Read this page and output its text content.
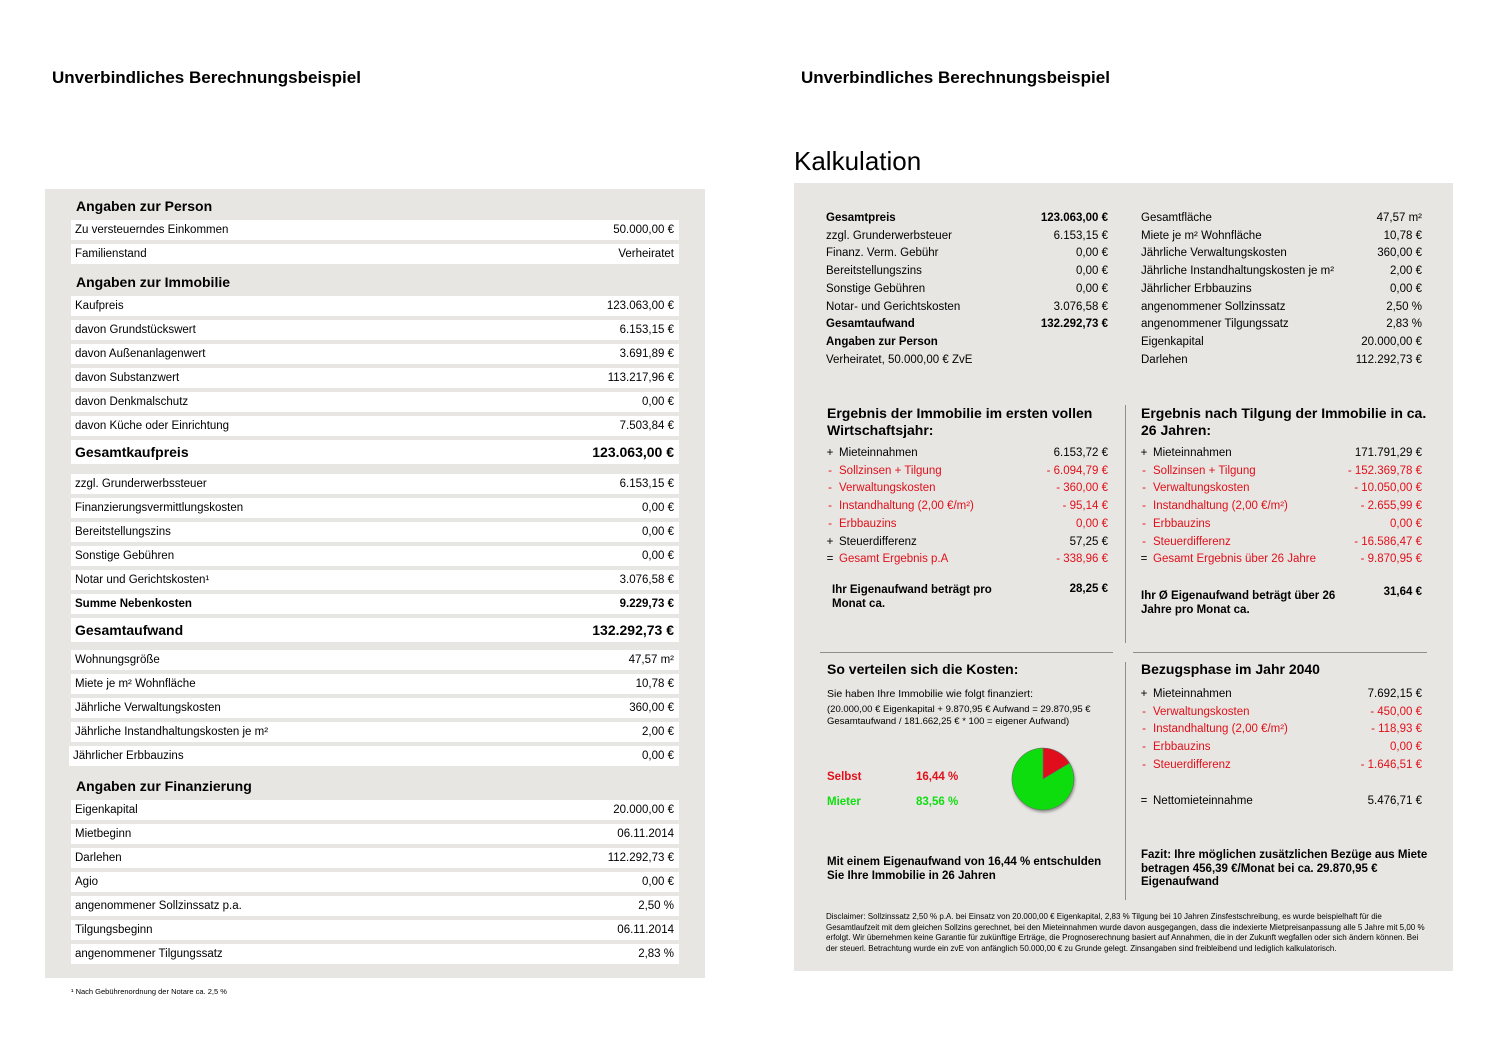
Unverbindliches Berechnungsbeispiel	Unverbindliches Berechnungsbeispiel
Angaben zur Person
Angaben zur Immobilie
Angaben zur Finanzierung
Zu versteuerndes Einkommen	50.000,00 €
Familienstand	Verheiratet
Kaufpreis	123.063,00 €
davon Grundstückswert	6.153,15 €
davon Außenanlagenwert	3.691,89 €
davon Substanzwert	113.217,96 €
davon Denkmalschutz	0,00 €
davon Küche oder Einrichtung	7.503,84 €
Gesamtkaufpreis	123.063,00 €
zzgl. Grunderwerbssteuer	6.153,15 €
Finanzierungsvermittlungskosten	0,00 €
Bereitstellungszins	0,00 €
Sonstige Gebühren	0,00 €
Notar und Gerichtskosten¹	3.076,58 €
Summe Nebenkosten	9.229,73 €
Gesamtaufwand	132.292,73 €
Wohnungsgröße	47,57 m²
Miete je m² Wohnfläche	10,78 €
Jährliche Verwaltungskosten	360,00 €
Jährliche Instandhaltungskosten je m²	2,00 €
Jährlicher Erbbauzins	0,00 €
Eigenkapital	20.000,00 €
Mietbeginn	06.11.2014
Darlehen	112.292,73 €
Agio	0,00 €
angenommener Sollzinssatz p.a.	2,50 %
Tilgungsbeginn	06.11.2014
angenommener Tilgungssatz	2,83 %
¹ Nach Gebührenordnung der Notare ca. 2,5 %
Kalkulation
Gesamtpreis	123.063,00 €
zzgl. Grunderwerbsteuer	6.153,15 €
Finanz. Verm. Gebühr	0,00 €
Bereitstellungszins	0,00 €
Sonstige Gebühren	0,00 €
Notar- und Gerichtskosten	3.076,58 €
Gesamtaufwand	132.292,73 €
Angaben zur Person
Verheiratet, 50.000,00 € ZvE
Gesamtfläche	47,57 m²
Miete je m² Wohnfläche	10,78 €
Jährliche Verwaltungskosten	360,00 €
Jährliche Instandhaltungskosten je m²	2,00 €
Jährlicher Erbbauzins	0,00 €
angenommener Sollzinssatz	2,50 %
angenommener Tilgungssatz	2,83 %
Eigenkapital	20.000,00 €
Darlehen	112.292,73 €
Ergebnis der Immobilie im ersten vollen Wirtschaftsjahr:
+ Mieteinnahmen	6.153,72 €
- Sollzinsen + Tilgung	- 6.094,79 €
- Verwaltungskosten	- 360,00 €
- Instandhaltung (2,00 €/m²)	- 95,14 €
- Erbbauzins	0,00 €
+ Steuerdifferenz	57,25 €
= Gesamt Ergebnis p.A	- 338,96 €
Ihr Eigenaufwand beträgt pro Monat ca.
28,25 €
Ergebnis nach Tilgung der Immobilie in ca. 26 Jahren:
+ Mieteinnahmen	171.791,29 €
- Sollzinsen + Tilgung	- 152.369,78 €
- Verwaltungskosten	- 10.050,00 €
- Instandhaltung (2,00 €/m²)	- 2.655,99 €
- Erbbauzins	0,00 €
- Steuerdifferenz	- 16.586,47 €
= Gesamt Ergebnis über 26 Jahre	- 9.870,95 €
Ihr Ø Eigenaufwand beträgt über 26 Jahre pro Monat ca.
31,64 €
So verteilen sich die Kosten:
Sie haben Ihre Immobilie wie folgt finanziert:
(20.000,00 € Eigenkapital + 9.870,95 € Aufwand = 29.870,95 € Gesamtaufwand / 181.662,25 € * 100 = eigener Aufwand)
Selbst	16,44 %
Mieter	83,56 %
Mit einem Eigenaufwand von 16,44 % entschulden Sie Ihre Immobilie in 26 Jahren
Bezugsphase im Jahr 2040
+ Mieteinnahmen	7.692,15 €
- Verwaltungskosten	- 450,00 €
- Instandhaltung (2,00 €/m²)	- 118,93 €
- Erbbauzins	0,00 €
- Steuerdifferenz	- 1.646,51 €
= Nettomieteinnahme	5.476,71 €
Fazit: Ihre möglichen zusätzlichen Bezüge aus Miete betragen 456,39 €/Monat bei ca. 29.870,95 € Eigenaufwand
Disclaimer: Sollzinssatz 2,50 % p.A. bei Einsatz von 20.000,00 € Eigenkapital, 2,83 % Tilgung bei 10 Jahren Zinsfestschreibung, es wurde beispielhaft für die Gesamtlaufzeit mit dem gleichen Sollzins gerechnet, bei den Mieteinnahmen wurde davon ausgegangen, dass die indexierte Mietpreisanpassung alle 5 Jahre mit 5,00 % erfolgt. Wir übernehmen keine Garantie für zukünftige Erträge, die Prognoserechnung basiert auf Annahmen, die in der Zukunft wegfallen oder sich ändern können. Bei der steuerl. Betrachtung wurde ein zvE von anfänglich 50.000,00 € zu Grunde gelegt. Zinsangaben sind freibleibend und lediglich kalkulatorisch.
